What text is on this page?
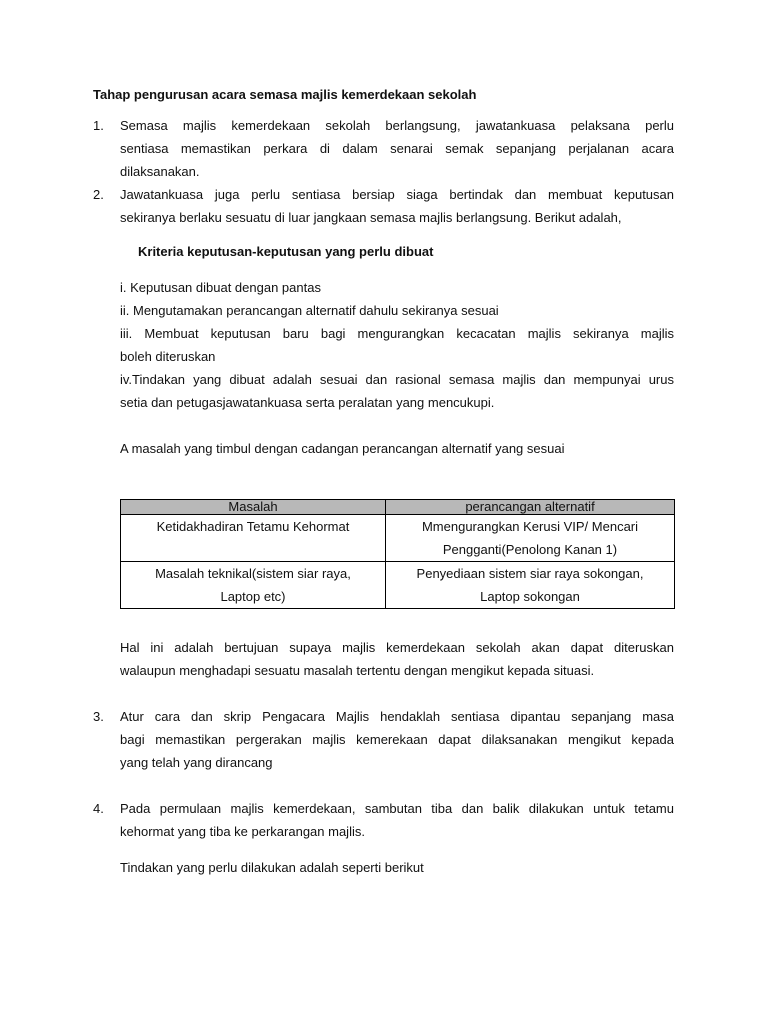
Tahap pengurusan acara semasa majlis kemerdekaan sekolah
1.	Semasa majlis kemerdekaan sekolah berlangsung, jawatankuasa pelaksana perlu
sentiasa memastikan perkara di dalam senarai semak sepanjang perjalanan acara
dilaksanakan.
2.	Jawatankuasa juga perlu sentiasa bersiap siaga bertindak dan membuat keputusan
sekiranya berlaku sesuatu di luar jangkaan semasa majlis berlangsung. Berikut adalah,
Kriteria keputusan-keputusan yang perlu dibuat
i. Keputusan dibuat dengan pantas
ii. Mengutamakan perancangan alternatif dahulu sekiranya sesuai
iii. Membuat keputusan baru bagi mengurangkan kecacatan majlis sekiranya majlis
boleh diteruskan
iv.Tindakan yang dibuat adalah sesuai dan rasional semasa majlis dan mempunyai urus
setia dan petugasjawatankuasa serta peralatan yang mencukupi.
A masalah yang timbul dengan cadangan perancangan alternatif yang sesuai
Masalah	perancangan alternatif
Ketidakhadiran Tetamu Kehormat	Mmengurangkan Kerusi VIP/ Mencari
Pengganti(Penolong Kanan 1)
Masalah teknikal(sistem siar raya,
Laptop etc)	Penyediaan sistem siar raya sokongan,
Laptop sokongan
Hal ini adalah bertujuan supaya majlis kemerdekaan sekolah akan dapat diteruskan
walaupun menghadapi sesuatu masalah tertentu dengan mengikut kepada situasi.
3.	Atur cara dan skrip Pengacara Majlis hendaklah sentiasa dipantau sepanjang masa
bagi memastikan pergerakan majlis kemerekaan dapat dilaksanakan mengikut kepada
yang telah yang dirancang
4.	Pada permulaan majlis kemerdekaan, sambutan tiba dan balik dilakukan untuk tetamu
kehormat yang tiba ke perkarangan majlis.
Tindakan yang perlu dilakukan adalah seperti berikut
